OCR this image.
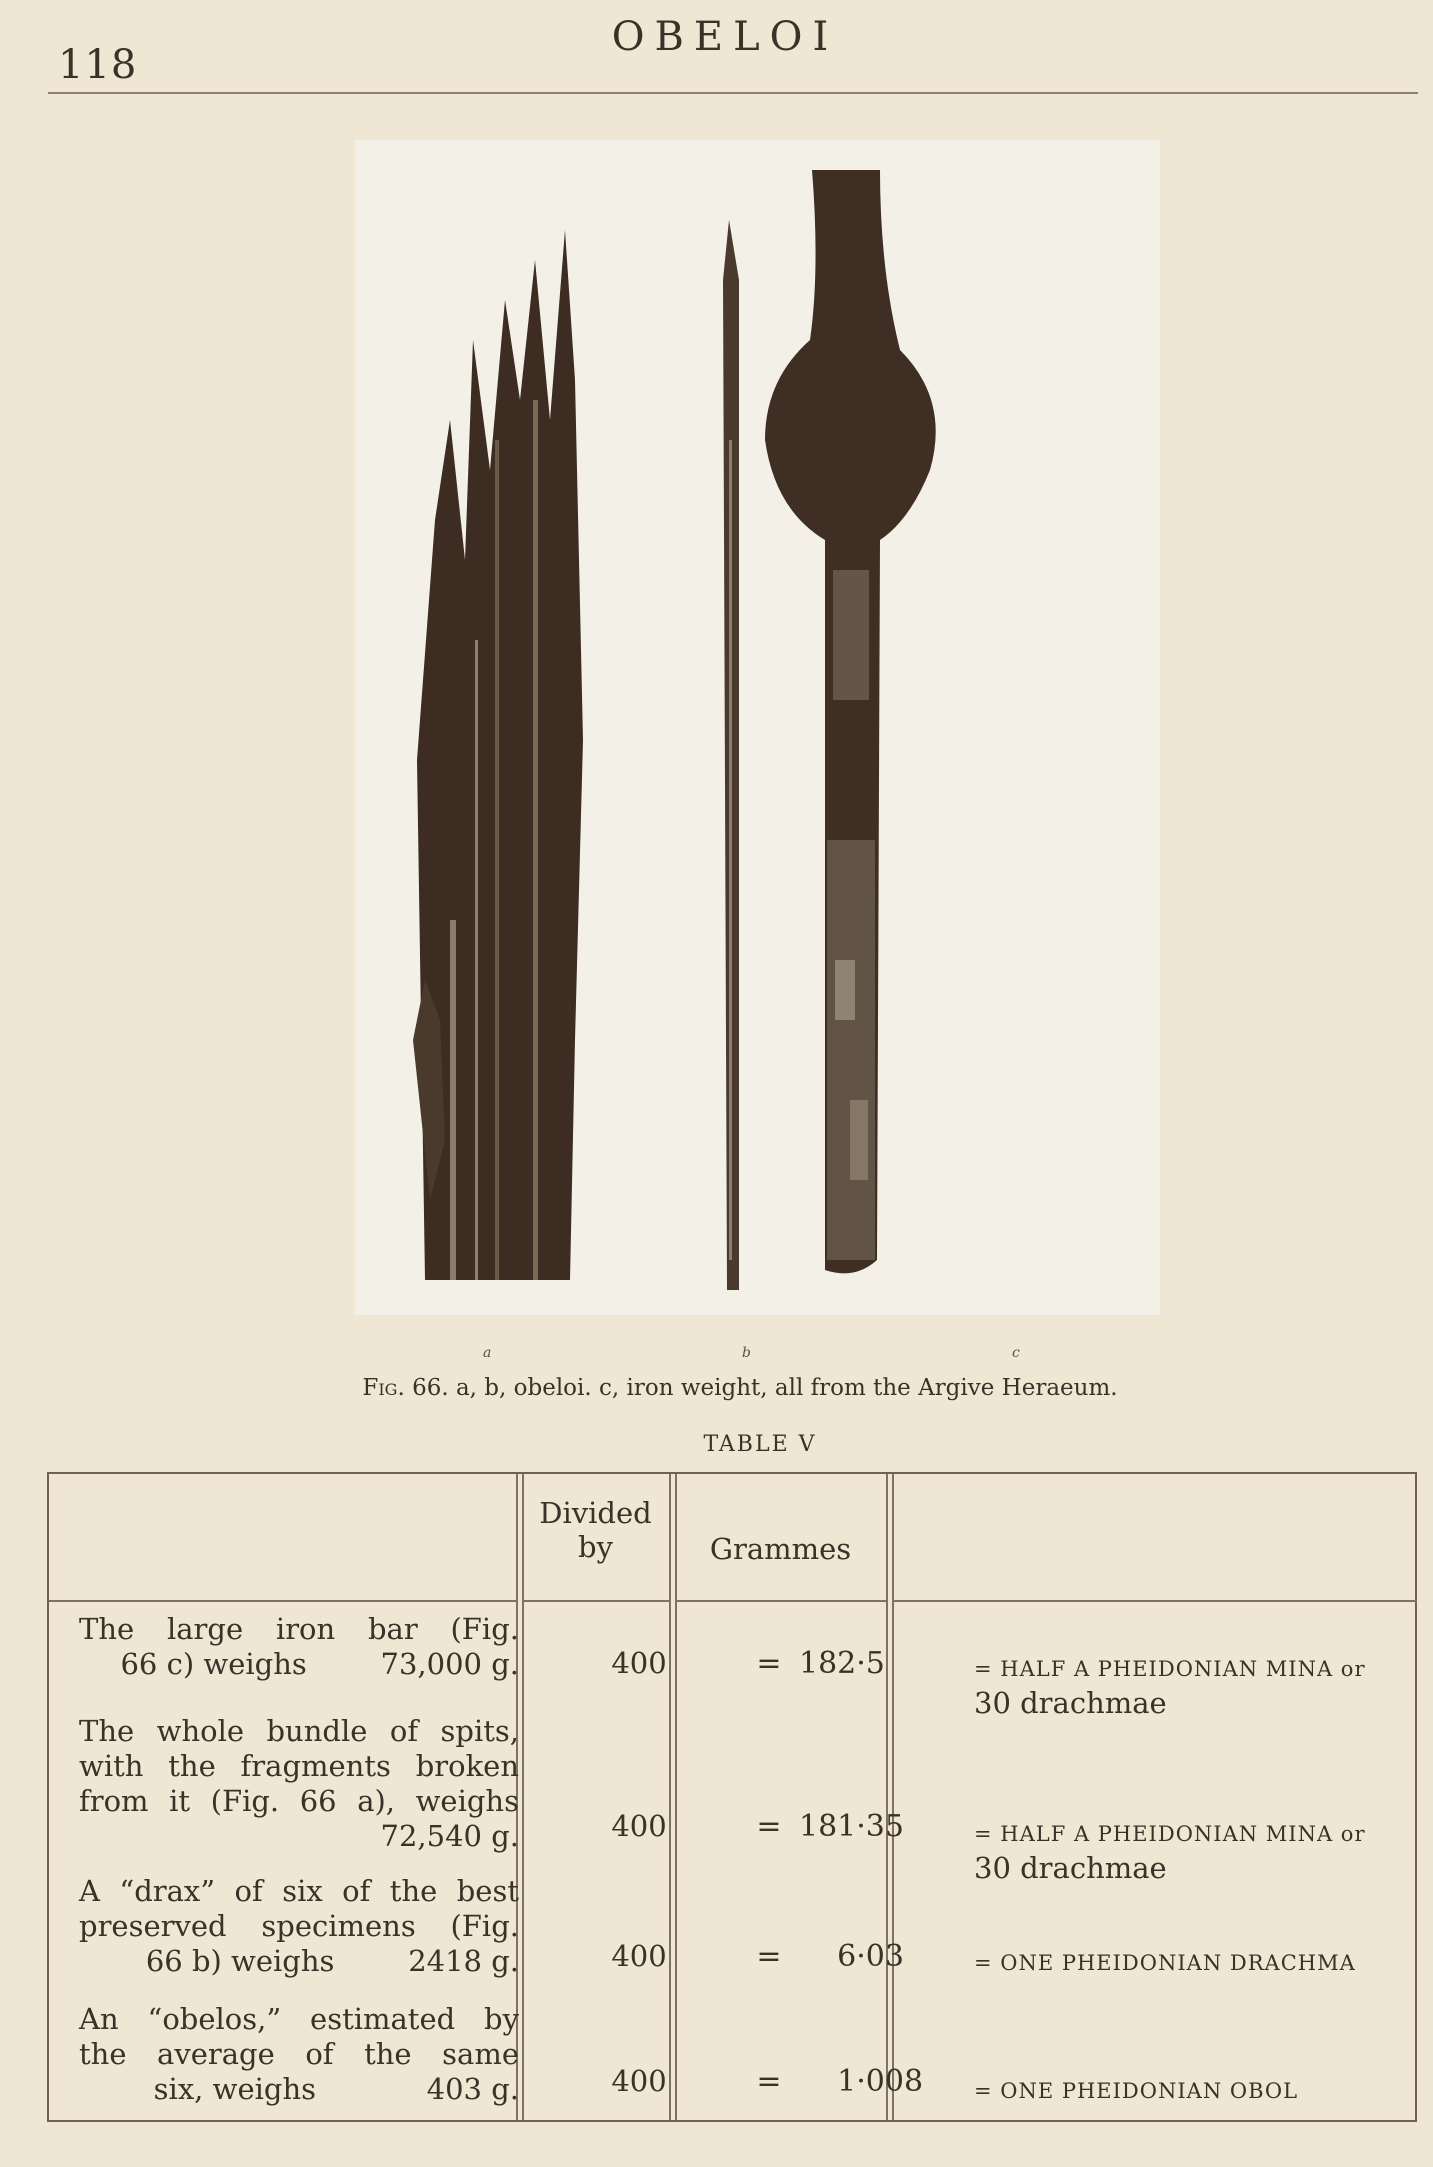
118
OBELOI
a	b	c
Fig. 66. a, b, obeloi. c, iron weight, all from the Argive Heraeum.
TABLE V
Divided
by	Grammes
The large iron bar (Fig.
66 c) weighs	73,000 g.	400	= 182·5	= HALF A PHEIDONIAN MINA or
30 drachmae
The whole bundle of spits,
with the fragments broken
from it (Fig. 66 a), weighs
72,540 g.	400	= 181·35	= HALF A PHEIDONIAN MINA or
30 drachmae
A “drax” of six of the best
preserved specimens (Fig.
66 b) weighs	2418 g.	400	= 6·03	= ONE PHEIDONIAN DRACHMA
An “obelos,” estimated by
the average of the same
six, weighs	403 g.	400	= 1·008	= ONE PHEIDONIAN OBOL
